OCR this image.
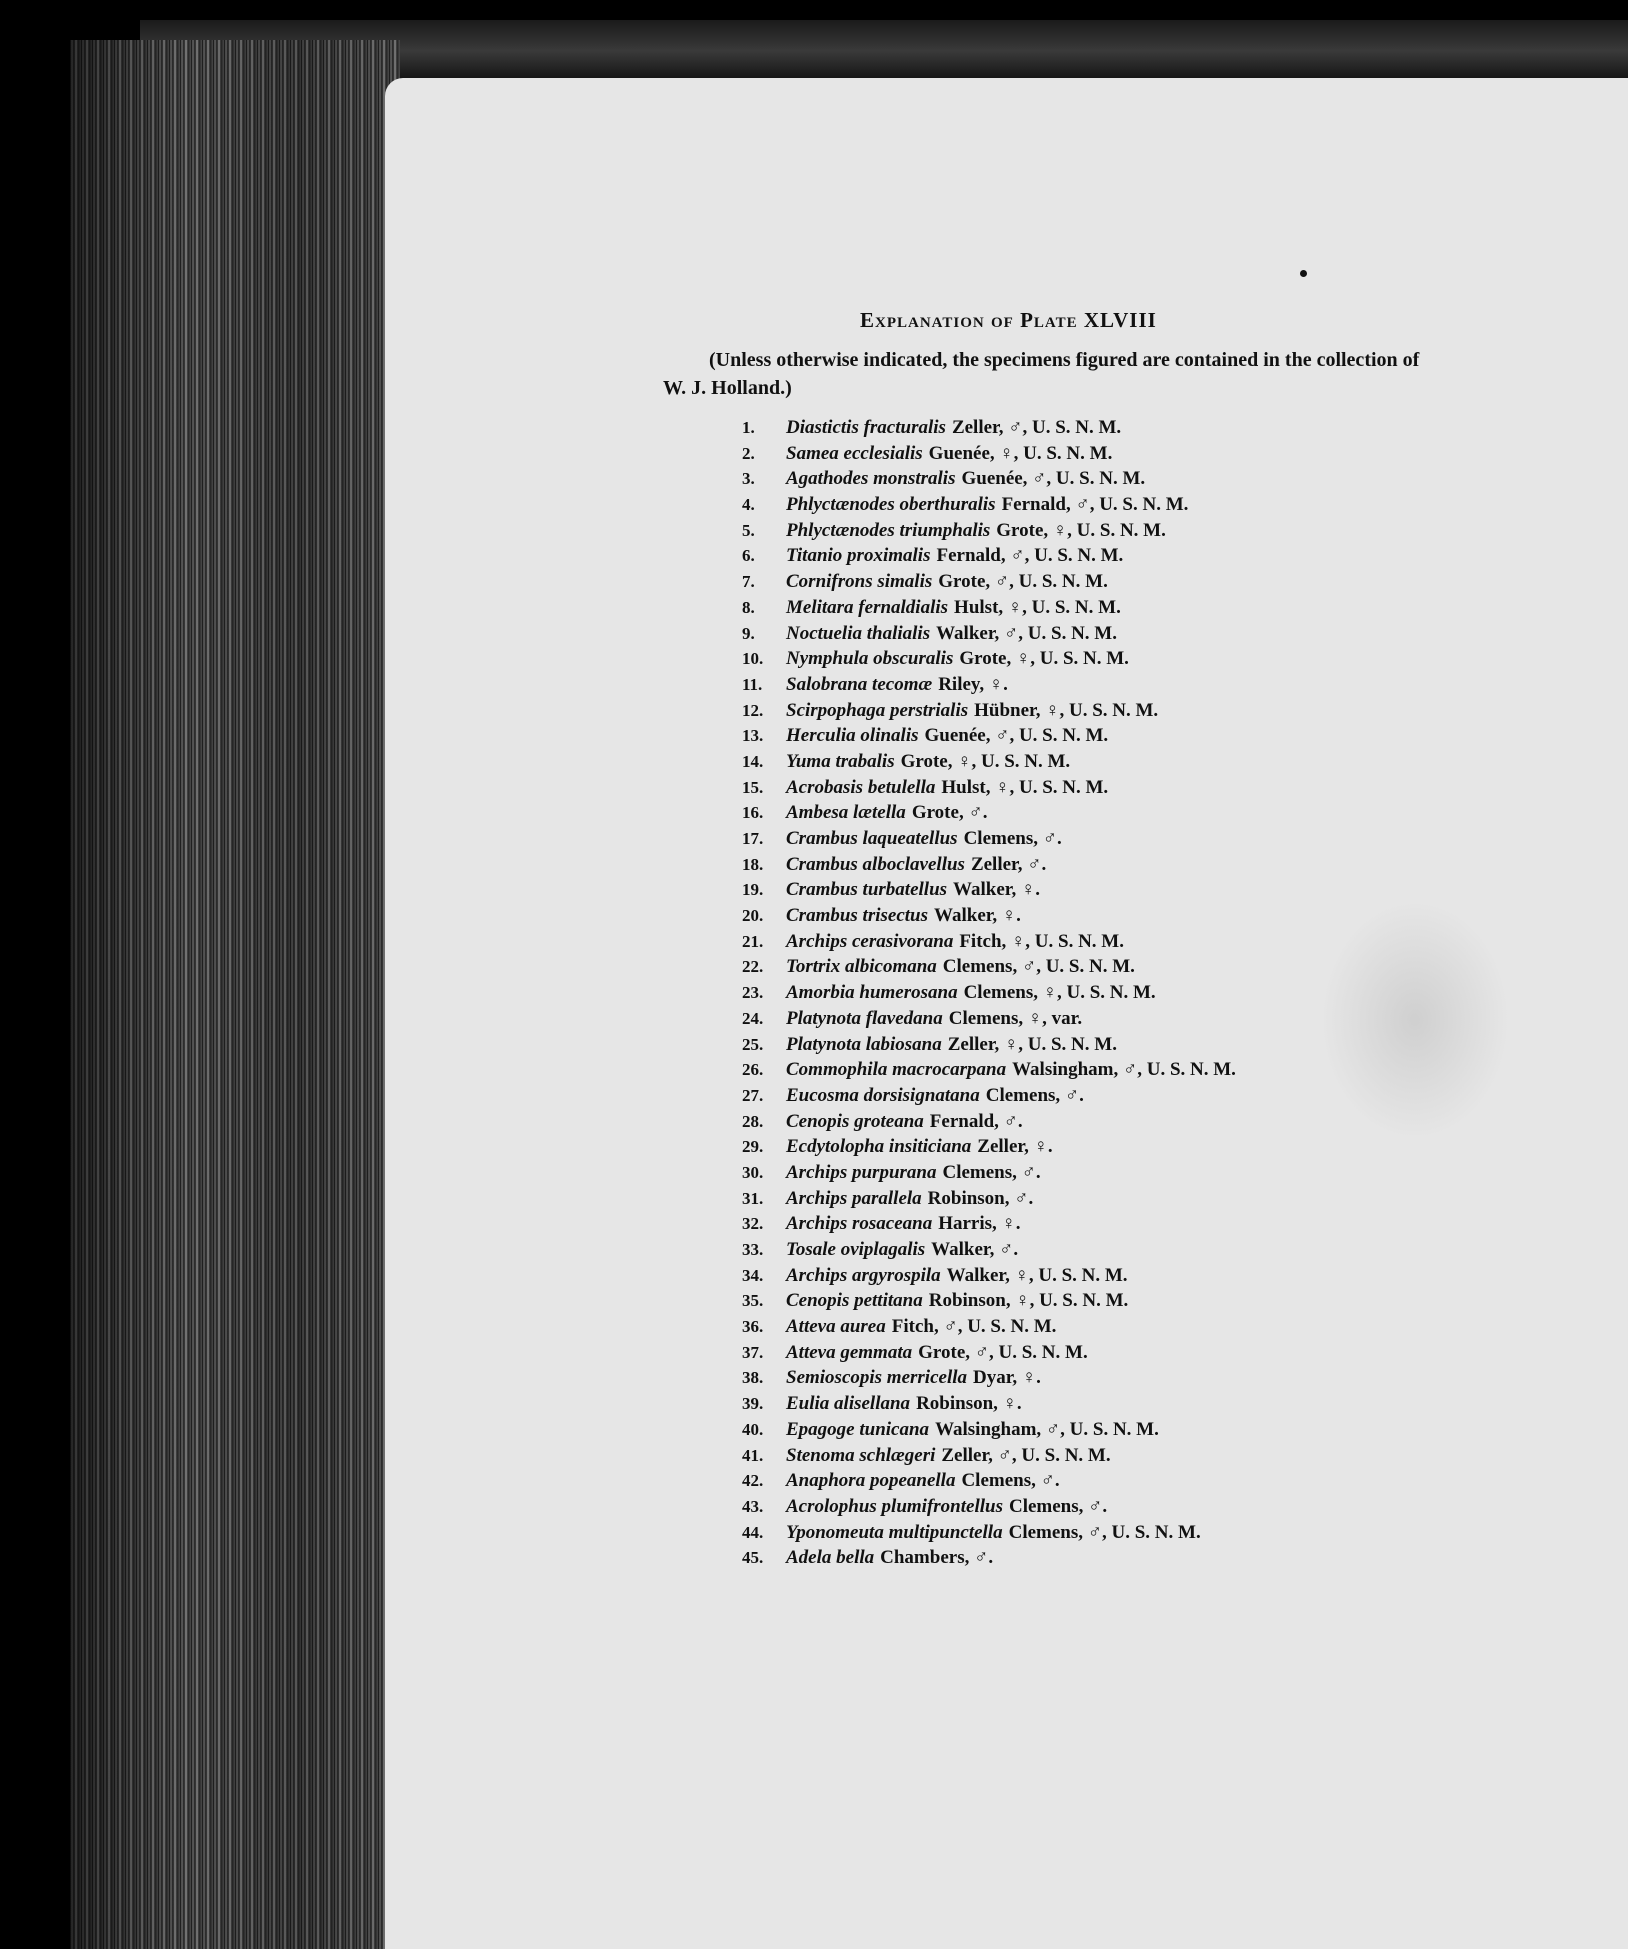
Explanation of Plate XLVIII

(Unless otherwise indicated, the specimens figured are contained in the collection of W. J. Holland.)

1. Diastictis fracturalis Zeller, ♂, U. S. N. M.
2. Samea ecclesialis Guenée, ♀, U. S. N. M.
3. Agathodes monstralis Guenée, ♂, U. S. N. M.
4. Phlyctænodes oberthuralis Fernald, ♂, U. S. N. M.
5. Phlyctænodes triumphalis Grote, ♀, U. S. N. M.
6. Titanio proximalis Fernald, ♂, U. S. N. M.
7. Cornifrons simalis Grote, ♂, U. S. N. M.
8. Melitara fernaldialis Hulst, ♀, U. S. N. M.
9. Noctuelia thalialis Walker, ♂, U. S. N. M.
10. Nymphula obscuralis Grote, ♀, U. S. N. M.
11. Salobrana tecomæ Riley, ♀.
12. Scirpophaga perstrialis Hübner, ♀, U. S. N. M.
13. Herculia olinalis Guenée, ♂, U. S. N. M.
14. Yuma trabalis Grote, ♀, U. S. N. M.
15. Acrobasis betulella Hulst, ♀, U. S. N. M.
16. Ambesa lætella Grote, ♂.
17. Crambus laqueatellus Clemens, ♂.
18. Crambus alboclavellus Zeller, ♂.
19. Crambus turbatellus Walker, ♀.
20. Crambus trisectus Walker, ♀.
21. Archips cerasivorana Fitch, ♀, U. S. N. M.
22. Tortrix albicomana Clemens, ♂, U. S. N. M.
23. Amorbia humerosana Clemens, ♀, U. S. N. M.
24. Platynota flavedana Clemens, ♀, var.
25. Platynota labiosana Zeller, ♀, U. S. N. M.
26. Commophila macrocarpana Walsingham, ♂, U. S. N. M.
27. Eucosma dorsisignatana Clemens, ♂.
28. Cenopis groteana Fernald, ♂.
29. Ecdytolopha insiticiana Zeller, ♀.
30. Archips purpurana Clemens, ♂.
31. Archips parallela Robinson, ♂.
32. Archips rosaceana Harris, ♀.
33. Tosale oviplagalis Walker, ♂.
34. Archips argyrospila Walker, ♀, U. S. N. M.
35. Cenopis pettitana Robinson, ♀, U. S. N. M.
36. Atteva aurea Fitch, ♂, U. S. N. M.
37. Atteva gemmata Grote, ♂, U. S. N. M.
38. Semioscopis merricella Dyar, ♀.
39. Eulia alisellana Robinson, ♀.
40. Epagoge tunicana Walsingham, ♂, U. S. N. M.
41. Stenoma schlægeri Zeller, ♂, U. S. N. M.
42. Anaphora popeanella Clemens, ♂.
43. Acrolophus plumifrontellus Clemens, ♂.
44. Yponomeuta multipunctella Clemens, ♂, U. S. N. M.
45. Adela bella Chambers, ♂.
